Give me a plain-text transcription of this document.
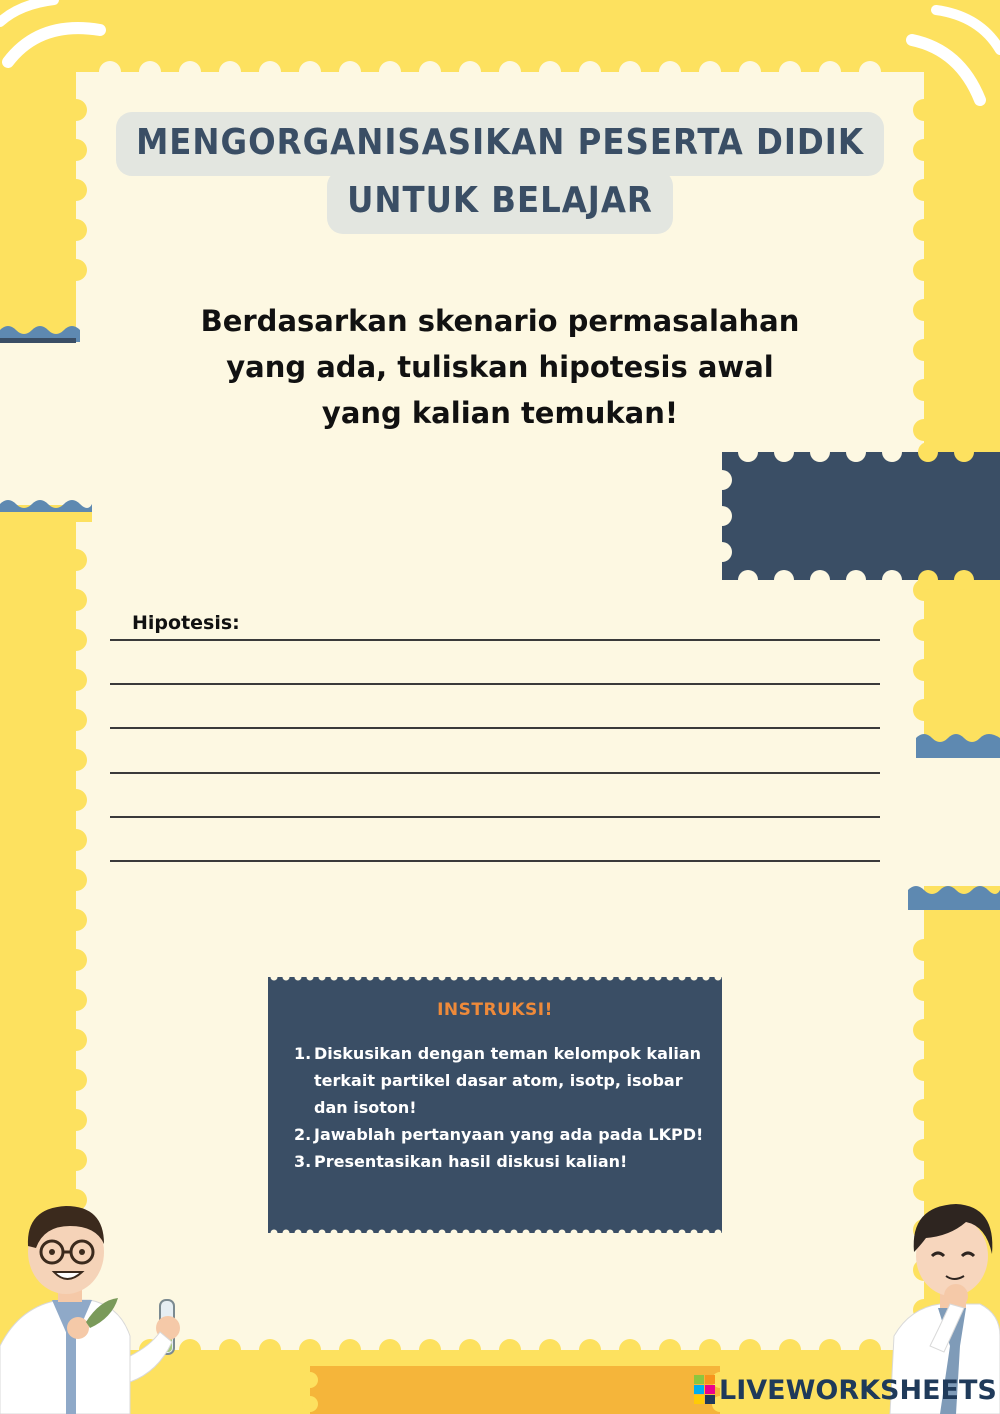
MENGORGANISASIKAN PESERTA DIDIK
UNTUK BELAJAR
Berdasarkan skenario permasalahan yang ada, tuliskan hipotesis awal yang kalian temukan!
Hipotesis:
INSTRUKSI!
1. Diskusikan dengan teman kelompok kalian terkait partikel dasar atom, isotp, isobar dan isoton!
2. Jawablah pertanyaan yang ada pada LKPD!
3. Presentasikan hasil diskusi kalian!
LIVEWORKSHEETS
